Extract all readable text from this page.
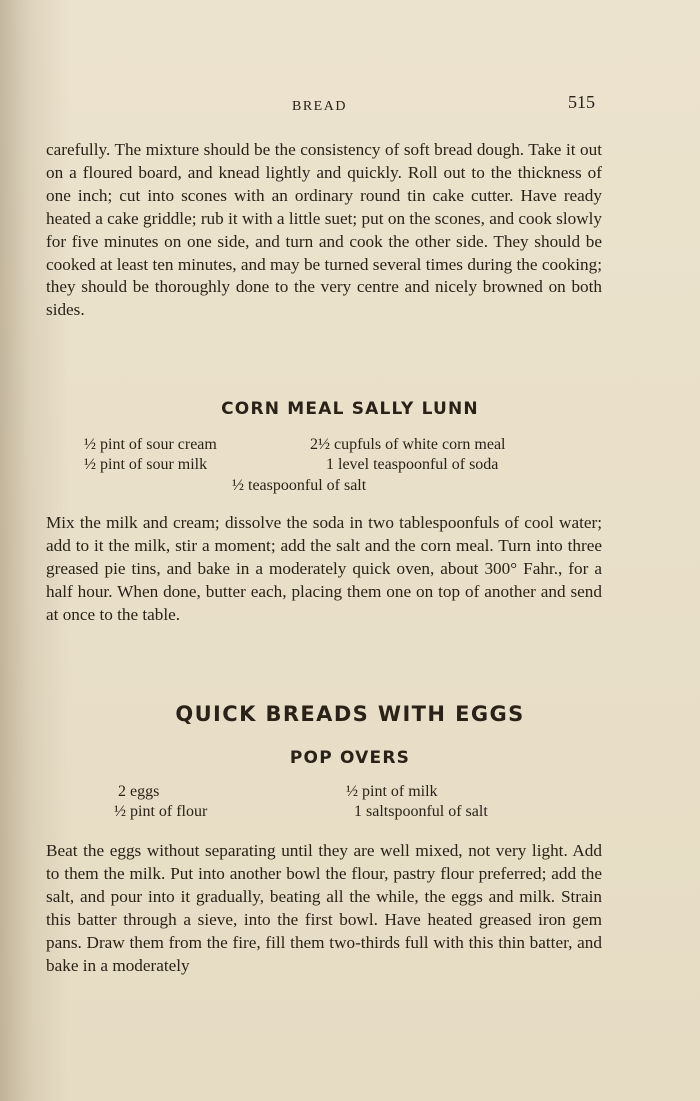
BREAD	515
carefully. The mixture should be the consistency of soft bread dough. Take it out on a floured board, and knead lightly and quickly. Roll out to the thickness of one inch; cut into scones with an ordinary round tin cake cutter. Have ready heated a cake griddle; rub it with a little suet; put on the scones, and cook slowly for five minutes on one side, and turn and cook the other side. They should be cooked at least ten minutes, and may be turned several times during the cooking; they should be thoroughly done to the very centre and nicely browned on both sides.
CORN MEAL SALLY LUNN
½ pint of sour cream
½ pint of sour milk
2½ cupfuls of white corn meal
1 level teaspoonful of soda
½ teaspoonful of salt
Mix the milk and cream; dissolve the soda in two tablespoonfuls of cool water; add to it the milk, stir a moment; add the salt and the corn meal. Turn into three greased pie tins, and bake in a moderately quick oven, about 300° Fahr., for a half hour. When done, butter each, placing them one on top of another and send at once to the table.
QUICK BREADS WITH EGGS
POP OVERS
2 eggs
½ pint of flour
½ pint of milk
1 saltspoonful of salt
Beat the eggs without separating until they are well mixed, not very light. Add to them the milk. Put into another bowl the flour, pastry flour preferred; add the salt, and pour into it gradually, beating all the while, the eggs and milk. Strain this batter through a sieve, into the first bowl. Have heated greased iron gem pans. Draw them from the fire, fill them two-thirds full with this thin batter, and bake in a moderately
